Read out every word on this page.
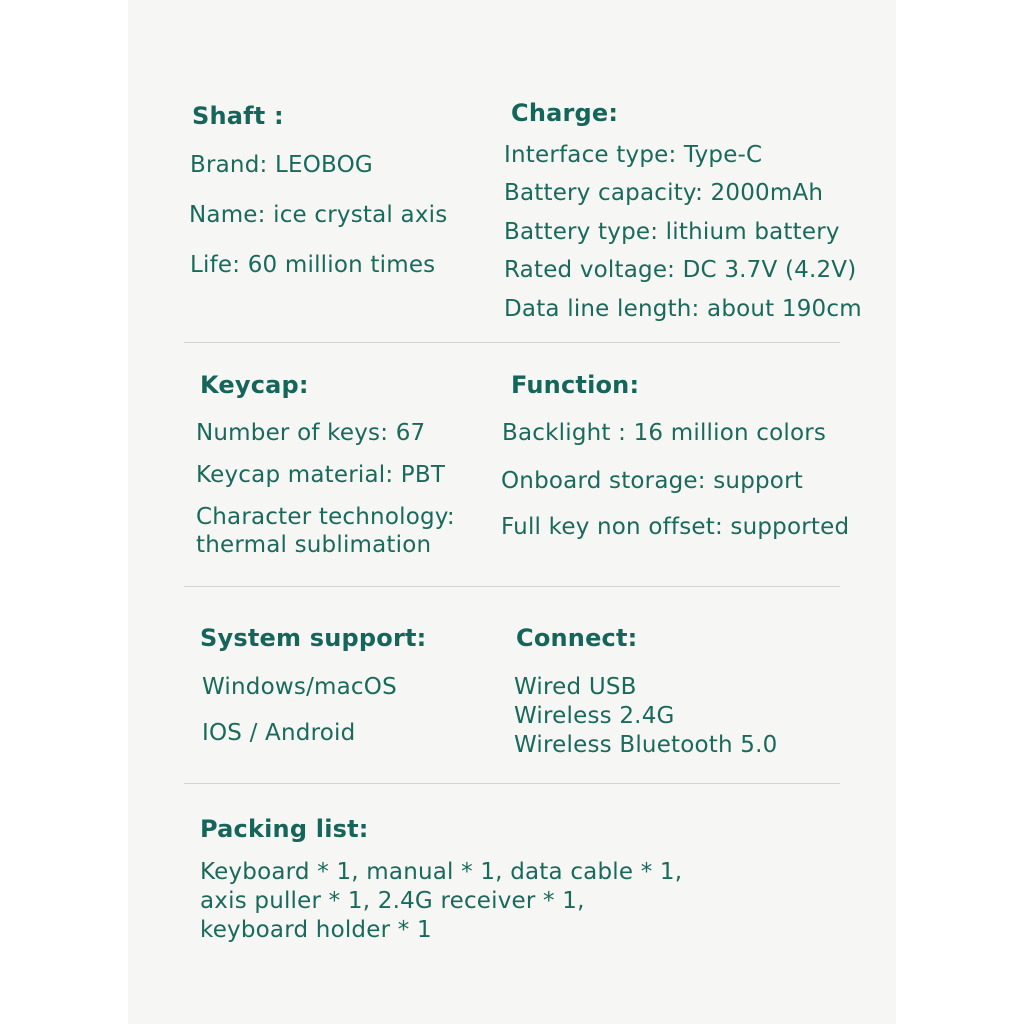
Shaft :
Brand: LEOBOG
Name: ice crystal axis
Life: 60 million times
Charge:
Interface type: Type-C
Battery capacity: 2000mAh
Battery type: lithium battery
Rated voltage: DC 3.7V (4.2V)
Data line length: about 190cm
Keycap:
Number of keys: 67
Keycap material: PBT
Character technology:
thermal sublimation
Function:
Backlight : 16 million colors
Onboard storage: support
Full key non offset: supported
System support:
Windows/macOS
IOS / Android
Connect:
Wired USB
Wireless 2.4G
Wireless Bluetooth 5.0
Packing list:
Keyboard * 1, manual * 1, data cable * 1,
axis puller * 1, 2.4G receiver * 1,
keyboard holder * 1
